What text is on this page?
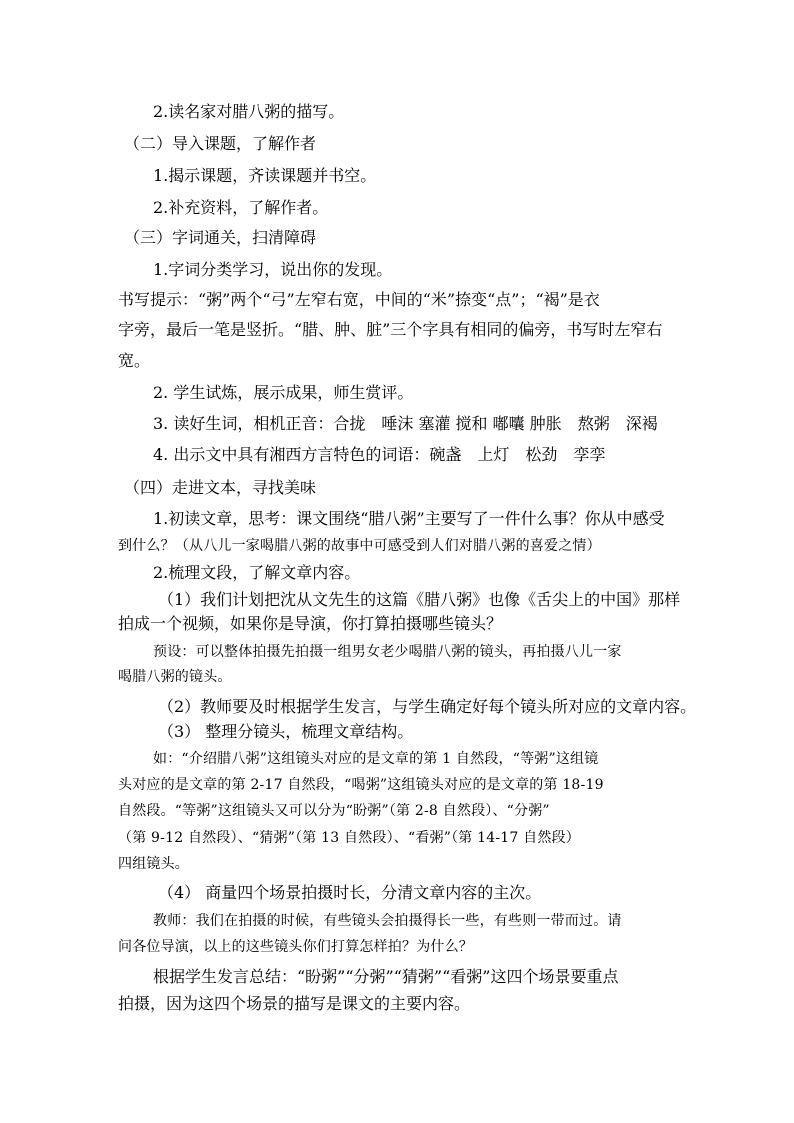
2.读名家对腊八粥的描写。
（二）导入课题，了解作者
1.揭示课题，齐读课题并书空。
2.补充资料，了解作者。
（三）字词通关，扫清障碍
1.字词分类学习，说出你的发现。
书写提示：“粥”两个“弓”左窄右宽，中间的“米”捺变“点”；“褐”是衣
字旁，最后一笔是竖折。“腊、肿、脏”三个字具有相同的偏旁，书写时左窄右
宽。
2. 学生试炼，展示成果，师生赏评。
3. 读好生词，相机正音：合拢　唾沫 塞灌 搅和 嘟囔 肿胀　熬粥　深褐
4. 出示文中具有湘西方言特色的词语：碗盏　上灯　松劲　孪孪
（四）走进文本，寻找美味
1.初读文章，思考：课文围绕“腊八粥”主要写了一件什么事？你从中感受
到什么？（从八儿一家喝腊八粥的故事中可感受到人们对腊八粥的喜爱之情）
2.梳理文段，了解文章内容。
（1）我们计划把沈从文先生的这篇《腊八粥》也像《舌尖上的中国》那样
拍成一个视频，如果你是导演，你打算拍摄哪些镜头？
预设：可以整体拍摄先拍摄一组男女老少喝腊八粥的镜头，再拍摄八儿一家
喝腊八粥的镜头。
（2）教师要及时根据学生发言，与学生确定好每个镜头所对应的文章内容。
（3） 整理分镜头，梳理文章结构。
如：“介绍腊八粥”这组镜头对应的是文章的第 1 自然段，“等粥”这组镜
头对应的是文章的第 2-17 自然段，“喝粥”这组镜头对应的是文章的第 18-19
自然段。“等粥”这组镜头又可以分为“盼粥”（第 2-8 自然段）、“分粥”
（第 9-12 自然段）、“猜粥”（第 13 自然段）、“看粥”（第 14-17 自然段）
四组镜头。
（4） 商量四个场景拍摄时长，分清文章内容的主次。
教师：我们在拍摄的时候，有些镜头会拍摄得长一些，有些则一带而过。请
问各位导演，以上的这些镜头你们打算怎样拍？为什么？
根据学生发言总结：“盼粥”“分粥”“猜粥”“看粥”这四个场景要重点
拍摄，因为这四个场景的描写是课文的主要内容。
